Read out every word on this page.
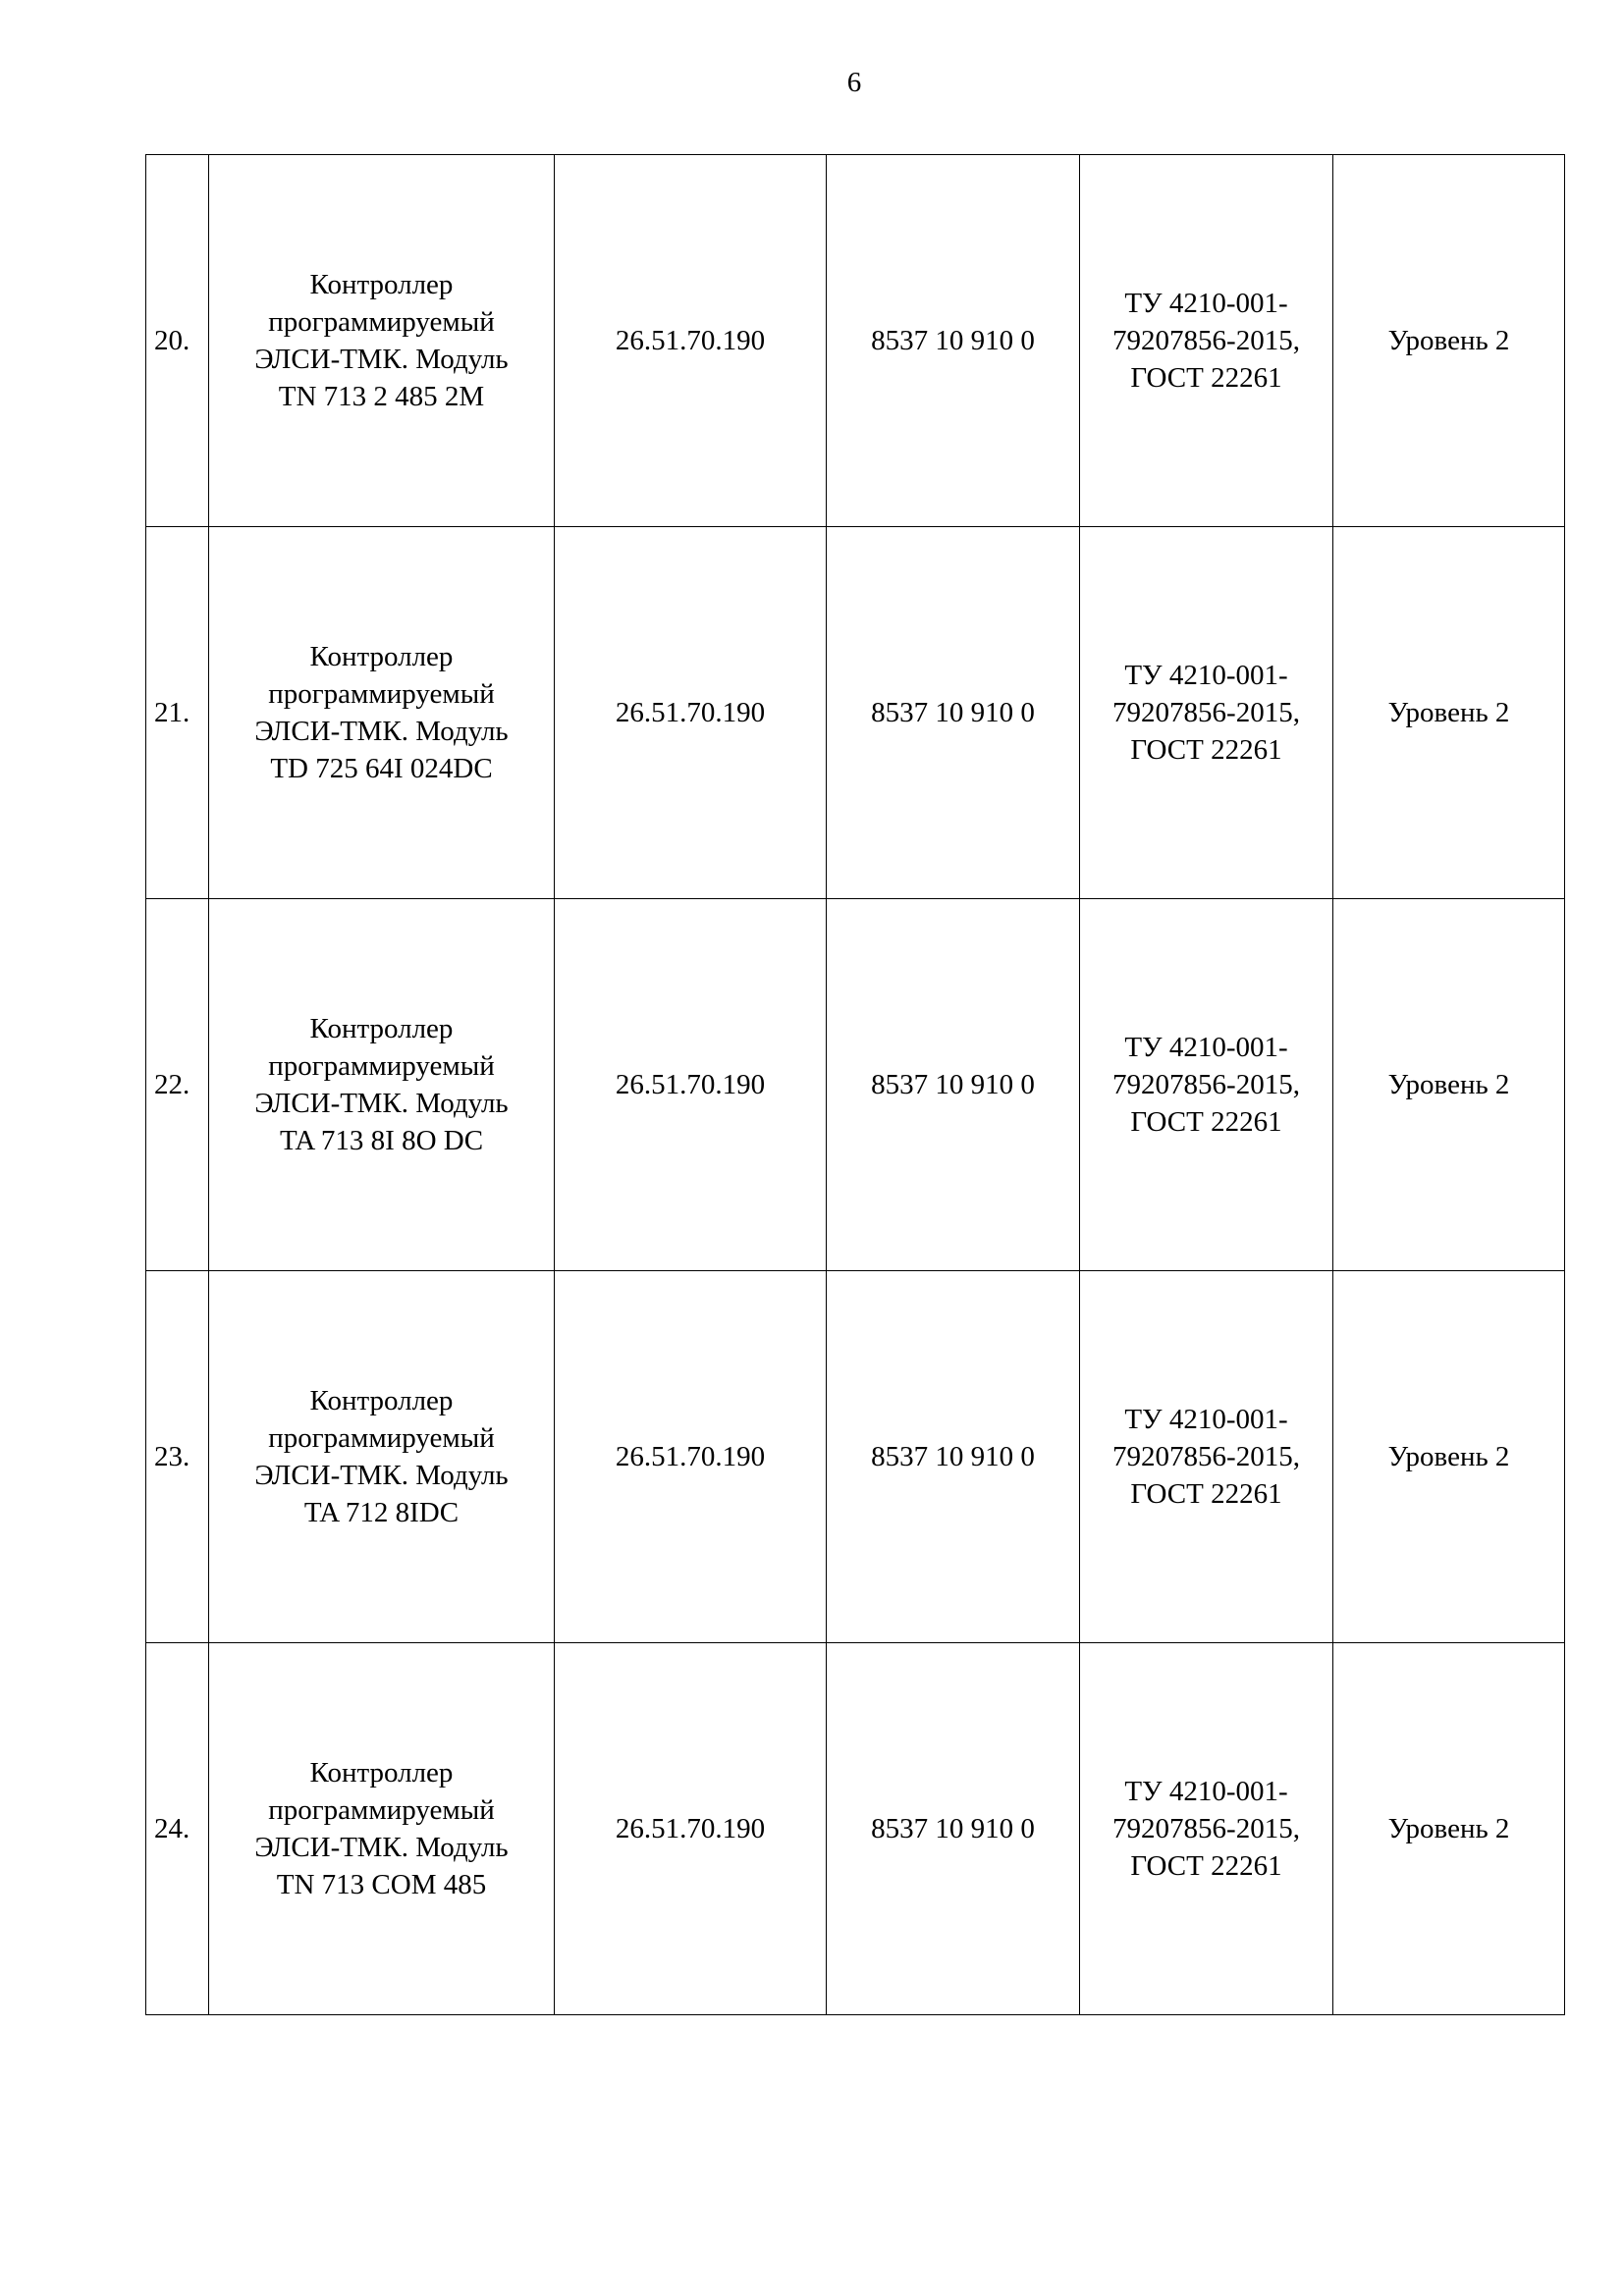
6
20.	Контроллер
программируемый
ЭЛСИ-ТМК. Модуль
TN 713 2 485 2M	26.51.70.190	8537 10 910 0	ТУ 4210-001-
79207856-2015,
ГОСТ 22261	Уровень 2
21.	Контроллер
программируемый
ЭЛСИ-ТМК. Модуль
TD 725 64I 024DC	26.51.70.190	8537 10 910 0	ТУ 4210-001-
79207856-2015,
ГОСТ 22261	Уровень 2
22.	Контроллер
программируемый
ЭЛСИ-ТМК. Модуль
TA 713 8I 8O DC	26.51.70.190	8537 10 910 0	ТУ 4210-001-
79207856-2015,
ГОСТ 22261	Уровень 2
23.	Контроллер
программируемый
ЭЛСИ-ТМК. Модуль
TA 712 8IDC	26.51.70.190	8537 10 910 0	ТУ 4210-001-
79207856-2015,
ГОСТ 22261	Уровень 2
24.	Контроллер
программируемый
ЭЛСИ-ТМК. Модуль
TN 713 COM 485	26.51.70.190	8537 10 910 0	ТУ 4210-001-
79207856-2015,
ГОСТ 22261	Уровень 2
